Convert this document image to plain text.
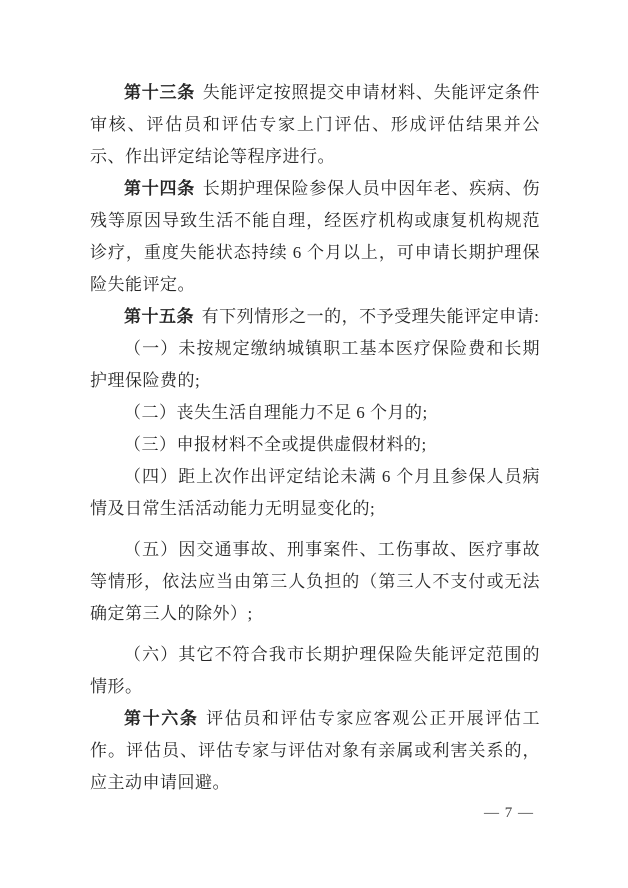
第十三条 失能评定按照提交申请材料、失能评定条件审核、评估员和评估专家上门评估、形成评估结果并公示、作出评定结论等程序进行。

第十四条 长期护理保险参保人员中因年老、疾病、伤残等原因导致生活不能自理，经医疗机构或康复机构规范诊疗，重度失能状态持续 6 个月以上，可申请长期护理保险失能评定。

第十五条 有下列情形之一的，不予受理失能评定申请:

（一）未按规定缴纳城镇职工基本医疗保险费和长期护理保险费的;

（二）丧失生活自理能力不足 6 个月的;

（三）申报材料不全或提供虚假材料的;

（四）距上次作出评定结论未满 6 个月且参保人员病情及日常生活活动能力无明显变化的;

（五）因交通事故、刑事案件、工伤事故、医疗事故等情形，依法应当由第三人负担的（第三人不支付或无法确定第三人的除外）;

（六）其它不符合我市长期护理保险失能评定范围的情形。

第十六条 评估员和评估专家应客观公正开展评估工作。评估员、评估专家与评估对象有亲属或利害关系的，应主动申请回避。

— 7 —
